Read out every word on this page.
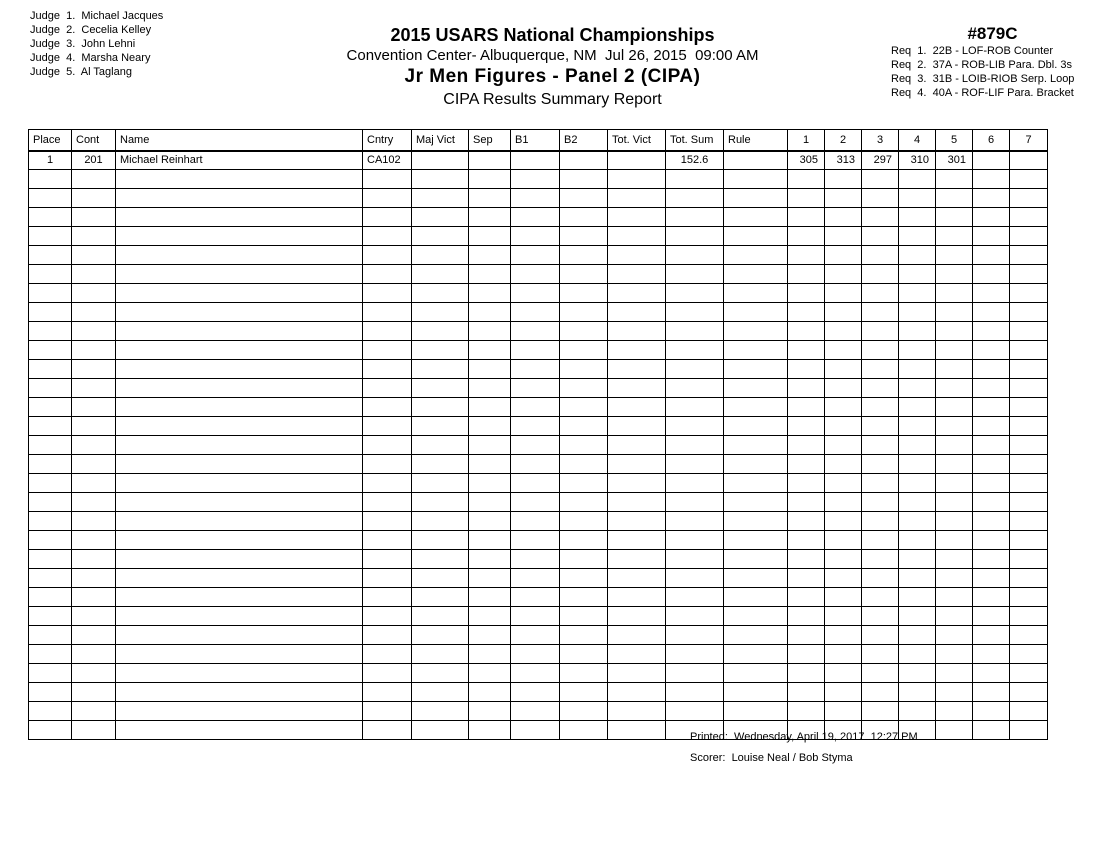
Judge  1.  Michael Jacques
Judge  2.  Cecelia Kelley
Judge  3.  John Lehni
Judge  4.  Marsha Neary
Judge  5.  Al Taglang
2015 USARS National Championships
Convention Center- Albuquerque, NM  Jul 26, 2015  09:00 AM
Jr Men Figures - Panel 2 (CIPA)
CIPA Results Summary Report
#879C
Req  1.  22B - LOF-ROB Counter
Req  2.  37A - ROB-LIB Para. Dbl. 3s
Req  3.  31B - LOIB-RIOB Serp. Loop
Req  4.  40A - ROF-LIF Para. Bracket
Place	Cont	Name	Cntry	Maj Vict	Sep	B1	B2	Tot. Vict	Tot. Sum	Rule	1	2	3	4	5	6	7
1	201	Michael Reinhart	CA102						152.6		305	313	297	310	301		

Printed:  Wednesday, April 19, 2017  12:27 PM
Scorer:  Louise Neal / Bob Styma
